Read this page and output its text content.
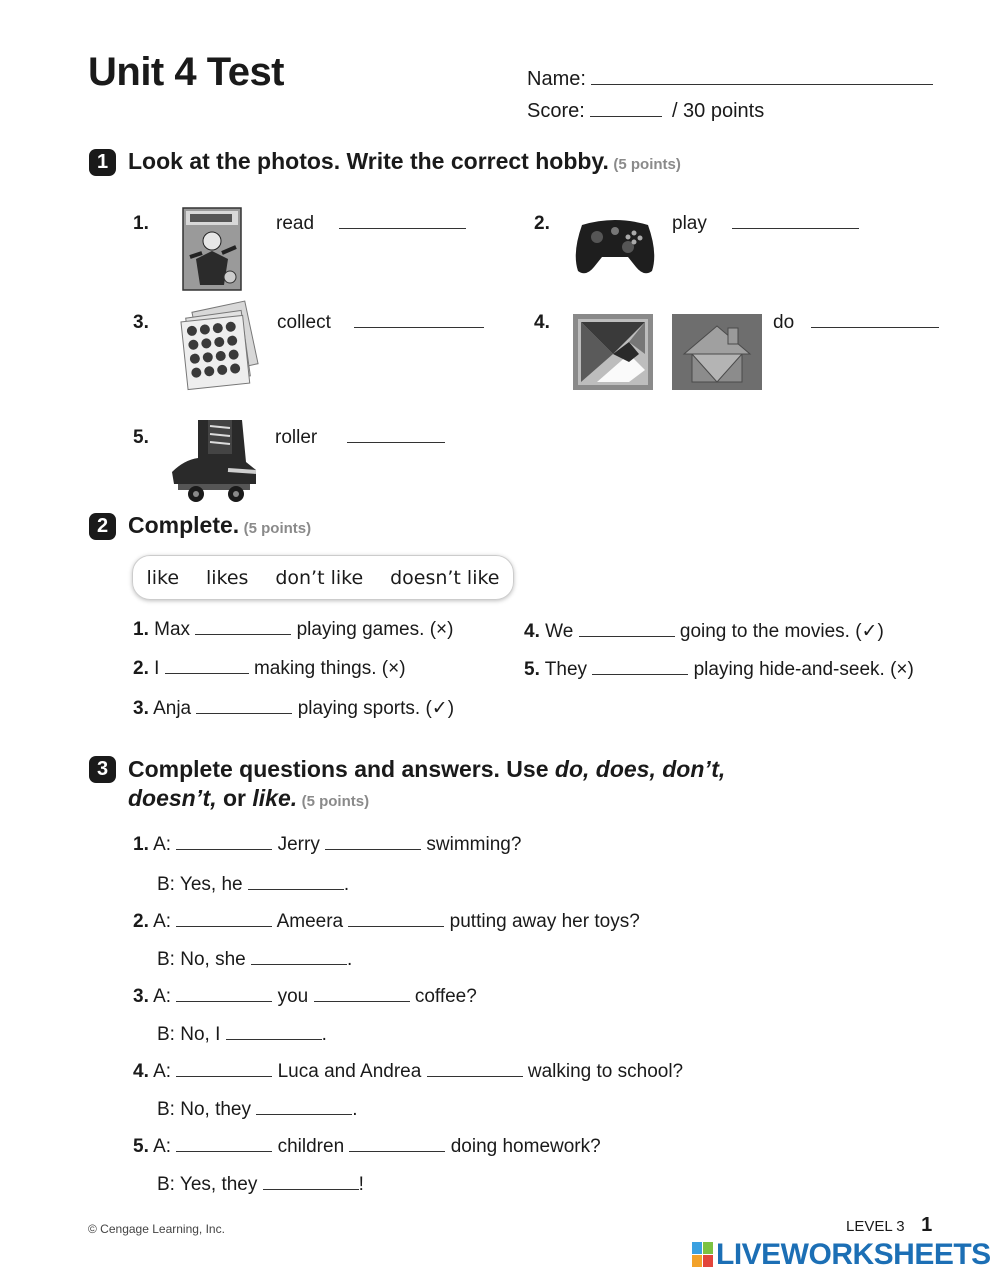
Unit 4 Test	Name:
Score:	/ 30 points
1 Look at the photos. Write the correct hobby. (5 points)
1.	read	2.	play
3.	collect	4.	do
5.	roller
2 Complete. (5 points)
like likes don’t like doesn’t like
1. Max	playing games. (×)
2. I	making things. (×)
3. Anja	playing sports. (✓)
4. We	going to the movies. (✓)
5. They	playing hide-and-seek. (×)
3 Complete questions and answers. Use do, does, don’t,
doesn’t, or like. (5 points)
1. A:	Jerry	swimming?
B: Yes, he	.
2. A:	Ameera	putting away her toys?
B: No, she	.
3. A:	you	coffee?
B: No, I	.
4. A:	Luca and Andrea	walking to school?
B: No, they	.
5. A:	children	doing homework?
B: Yes, they	!
© Cengage Learning, Inc.	LEVEL 3 1
LIVEWORKSHEETS
